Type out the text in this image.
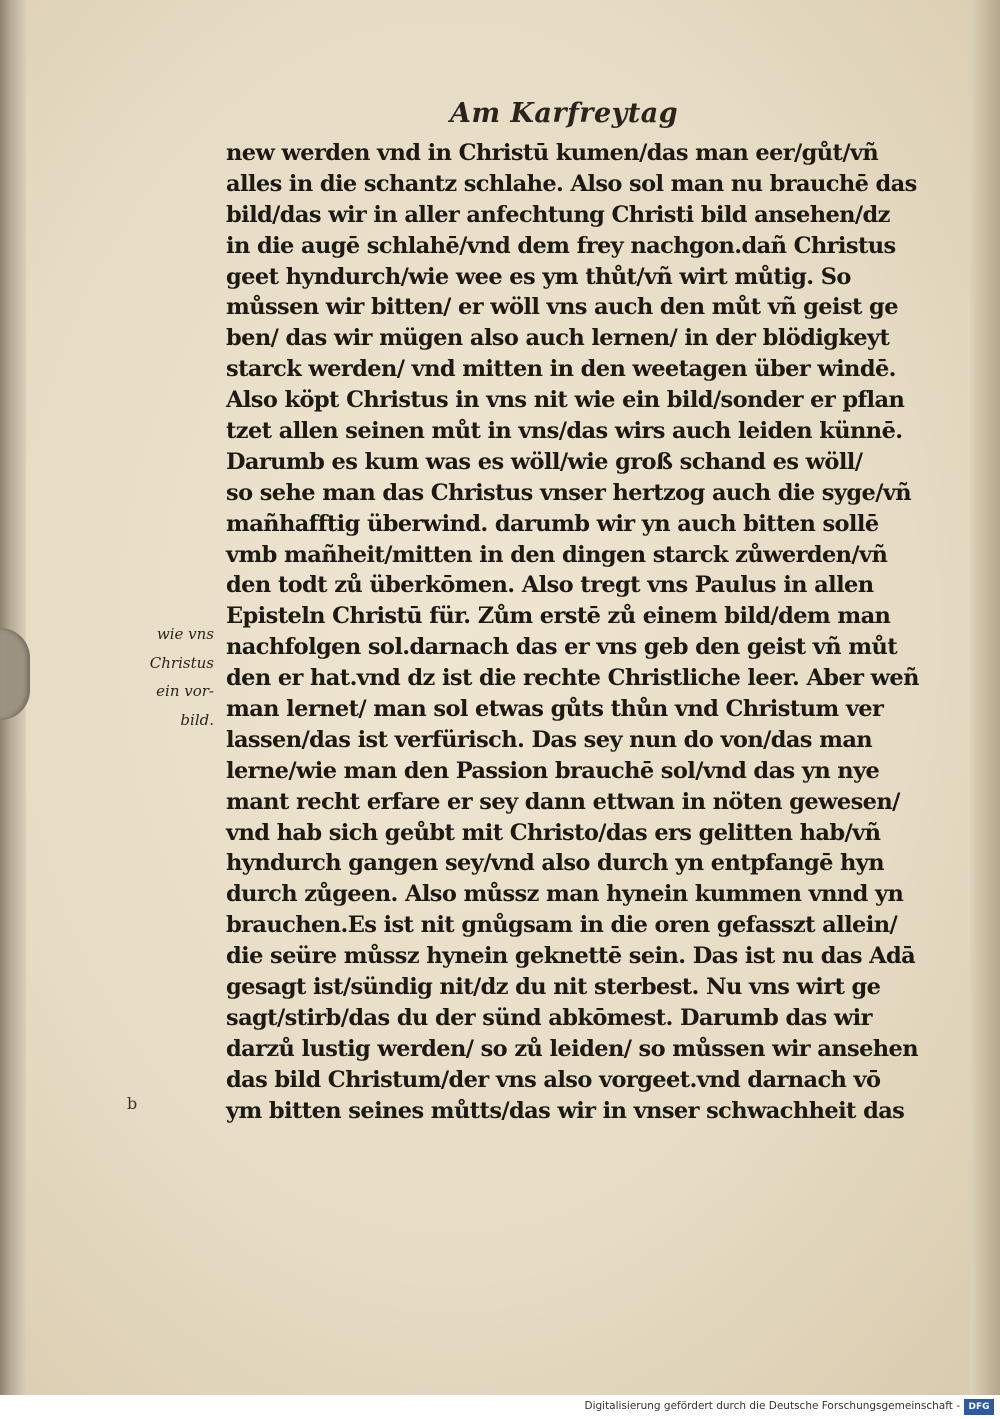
Am Karfreytag
new werden vnd in Christū kumen/das man eer/gůt/vñ
alles in die schantz schlahe. Also sol man nu brauchē das
bild/das wir in aller anfechtung Christi bild ansehen/dz
in die augē schlahē/vnd dem frey nachgon.dañ Christus
geet hyndurch/wie wee es ym thůt/vñ wirt můtig. So
můssen wir bitten/ er wöll vns auch den můt vñ geist ge
ben/ das wir mügen also auch lernen/ in der blödigkeyt
starck werden/ vnd mitten in den weetagen über windē.
Also köpt Christus in vns nit wie ein bild/sonder er pflan
tzet allen seinen můt in vns/das wirs auch leiden künnē.
Darumb es kum was es wöll/wie groß schand es wöll/
so sehe man das Christus vnser hertzog auch die syge/vñ
mañhafftig überwind. darumb wir yn auch bitten sollē
vmb mañheit/mitten in den dingen starck zůwerden/vñ
den todt zů überkōmen. Also tregt vns Paulus in allen
Episteln Christū für. Zům erstē zů einem bild/dem man
nachfolgen sol.darnach das er vns geb den geist vñ můt
den er hat.vnd dz ist die rechte Christliche leer. Aber weñ
man lernet/ man sol etwas gůts thůn vnd Christum ver
lassen/das ist verfürisch. Das sey nun do von/das man
lerne/wie man den Passion brauchē sol/vnd das yn nye
mant recht erfare er sey dann ettwan in nöten gewesen/
vnd hab sich geůbt mit Christo/das ers gelitten hab/vñ
hyndurch gangen sey/vnd also durch yn entpfangē hyn
durch zůgeen. Also můssz man hynein kummen vnnd yn
brauchen.Es ist nit gnůgsam in die oren gefasszt allein/
die seüre můssz hynein geknettē sein. Das ist nu das Adā
gesagt ist/sündig nit/dz du nit sterbest. Nu vns wirt ge
sagt/stirb/das du der sünd abkōmest. Darumb das wir
darzů lustig werden/ so zů leiden/ so můssen wir ansehen
das bild Christum/der vns also vorgeet.vnd darnach vō
ym bitten seines můtts/das wir in vnser schwachheit das
wie vns
Christus
ein vor-
bild.
b
Digitalisierung gefördert durch die Deutsche Forschungsgemeinschaft - DFG
